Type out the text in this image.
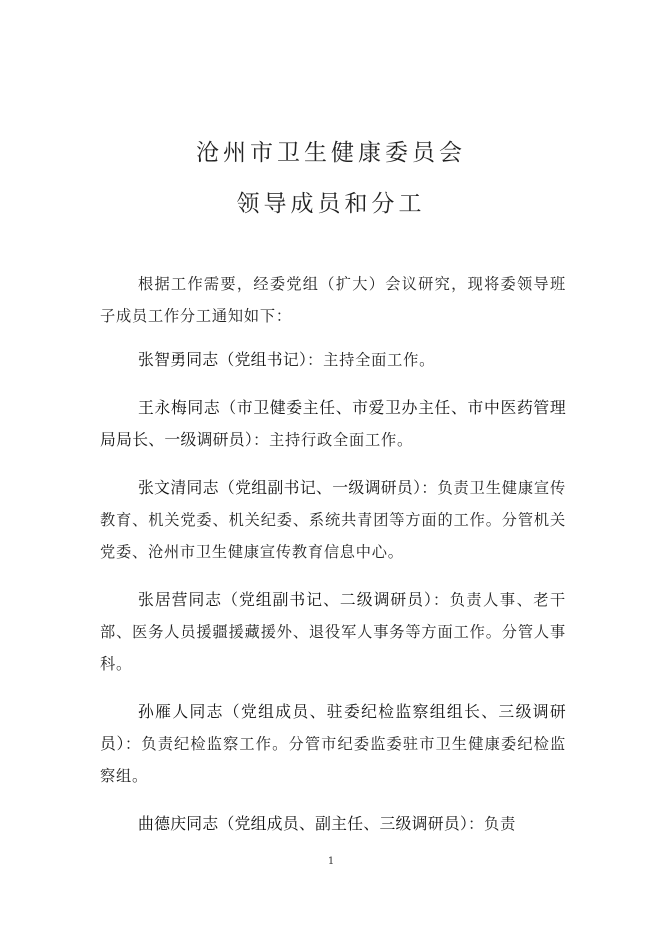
沧州市卫生健康委员会
领导成员和分工

根据工作需要，经委党组（扩大）会议研究，现将委领导班子成员工作分工通知如下：

张智勇同志（党组书记）：主持全面工作。

王永梅同志（市卫健委主任、市爱卫办主任、市中医药管理局局长、一级调研员）：主持行政全面工作。

张文清同志（党组副书记、一级调研员）：负责卫生健康宣传教育、机关党委、机关纪委、系统共青团等方面的工作。分管机关党委、沧州市卫生健康宣传教育信息中心。

张居营同志（党组副书记、二级调研员）：负责人事、老干部、医务人员援疆援藏援外、退役军人事务等方面工作。分管人事科。

孙雁人同志（党组成员、驻委纪检监察组组长、三级调研员）：负责纪检监察工作。分管市纪委监委驻市卫生健康委纪检监察组。

曲德庆同志（党组成员、副主任、三级调研员）：负责

1
